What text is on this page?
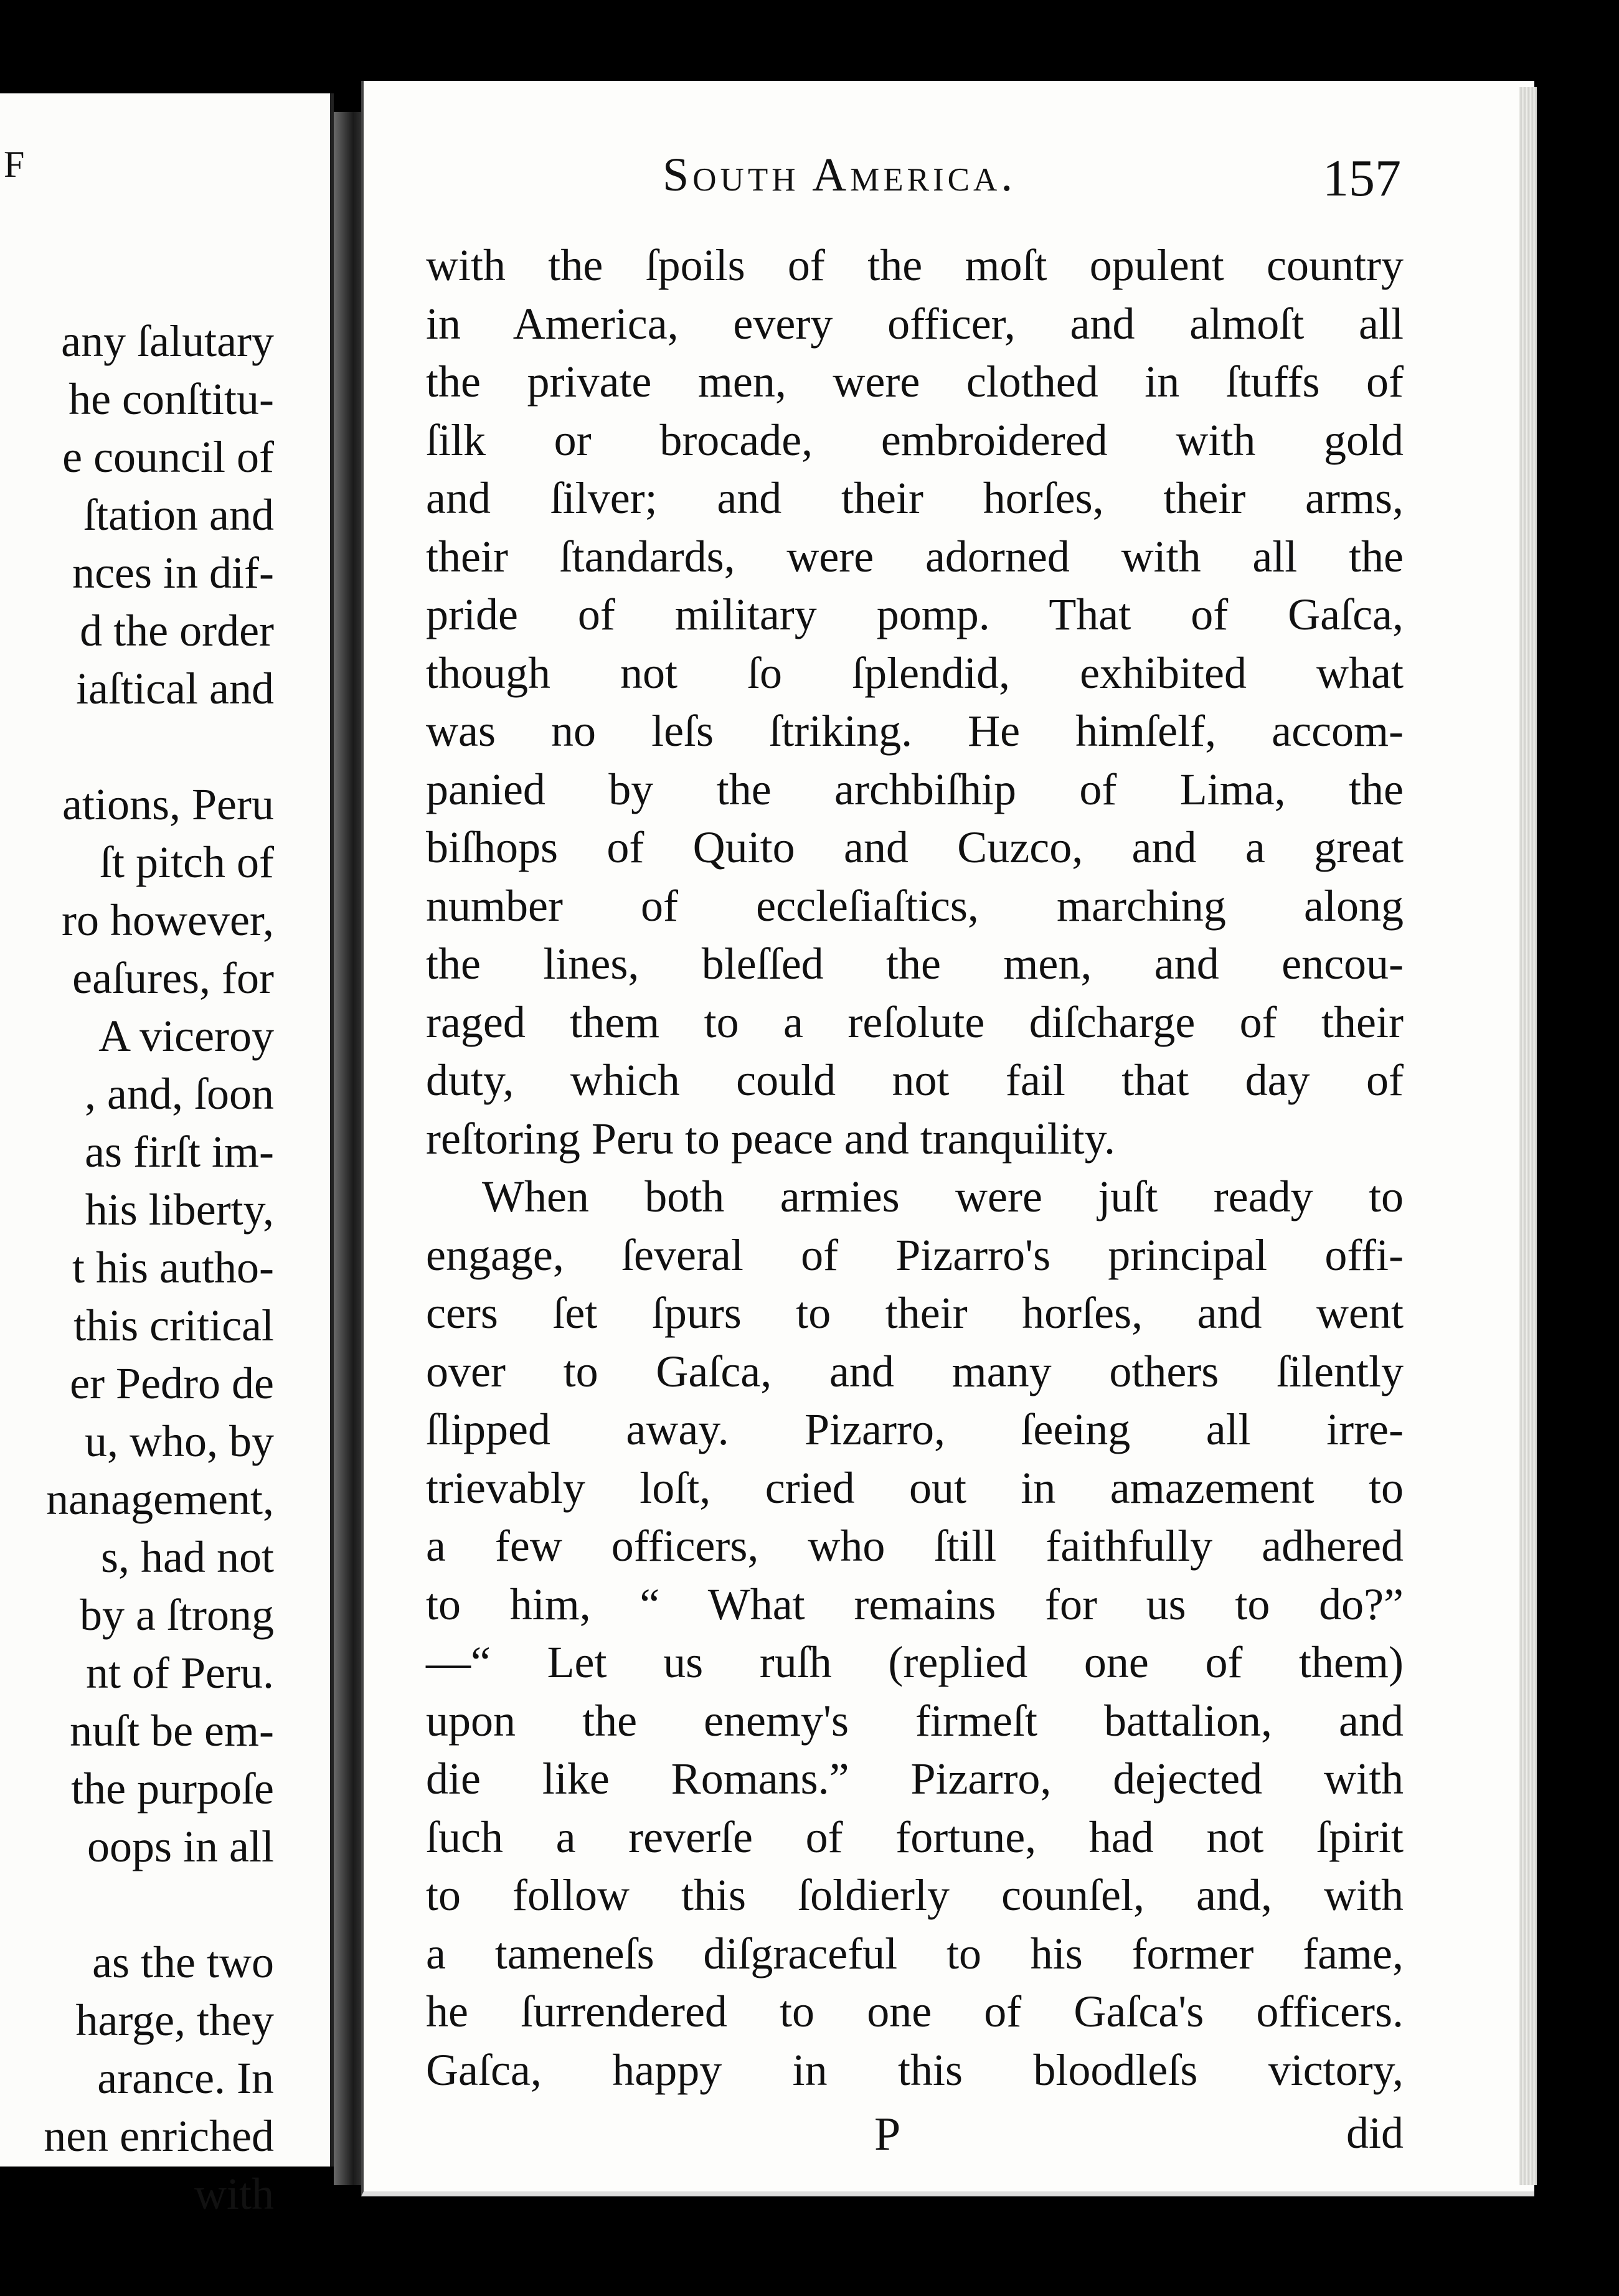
F
any ſalutary
he conſtitu-
e council of
ſtation and
nces in dif-
d the order
iaſtical and
ations, Peru
ſt pitch of
ro however,
eaſures, for
A viceroy
, and, ſoon
as firſt im-
his liberty,
t his autho-
this critical
er Pedro de
u, who, by
nanagement,
s, had not
by a ſtrong
nt of Peru.
nuſt be em-
the purpoſe
oops in all
as the two
harge, they
arance. In
nen enriched
with
South America.	157
with the ſpoils of the moſt opulent country
in America, every officer, and almoſt all
the private men, were clothed in ſtuffs of
ſilk or brocade, embroidered with gold
and ſilver; and their horſes, their arms,
their ſtandards, were adorned with all the
pride of military pomp. That of Gaſca,
though not ſo ſplendid, exhibited what
was no leſs ſtriking. He himſelf, accom-
panied by the archbiſhip of Lima, the
biſhops of Quito and Cuzco, and a great
number of eccleſiaſtics, marching along
the lines, bleſſed the men, and encou-
raged them to a reſolute diſcharge of their
duty, which could not fail that day of
reſtoring Peru to peace and tranquility.
When both armies were juſt ready to
engage, ſeveral of Pizarro's principal offi-
cers ſet ſpurs to their horſes, and went
over to Gaſca, and many others ſilently
ſlipped away. Pizarro, ſeeing all irre-
trievably loſt, cried out in amazement to
a few officers, who ſtill faithfully adhered
to him, “ What remains for us to do?”
—“ Let us ruſh (replied one of them)
upon the enemy's firmeſt battalion, and
die like Romans.” Pizarro, dejected with
ſuch a reverſe of fortune, had not ſpirit
to follow this ſoldierly counſel, and, with
a tameneſs diſgraceful to his former fame,
he ſurrendered to one of Gaſca's officers.
Gaſca, happy in this bloodleſs victory,
P	did
